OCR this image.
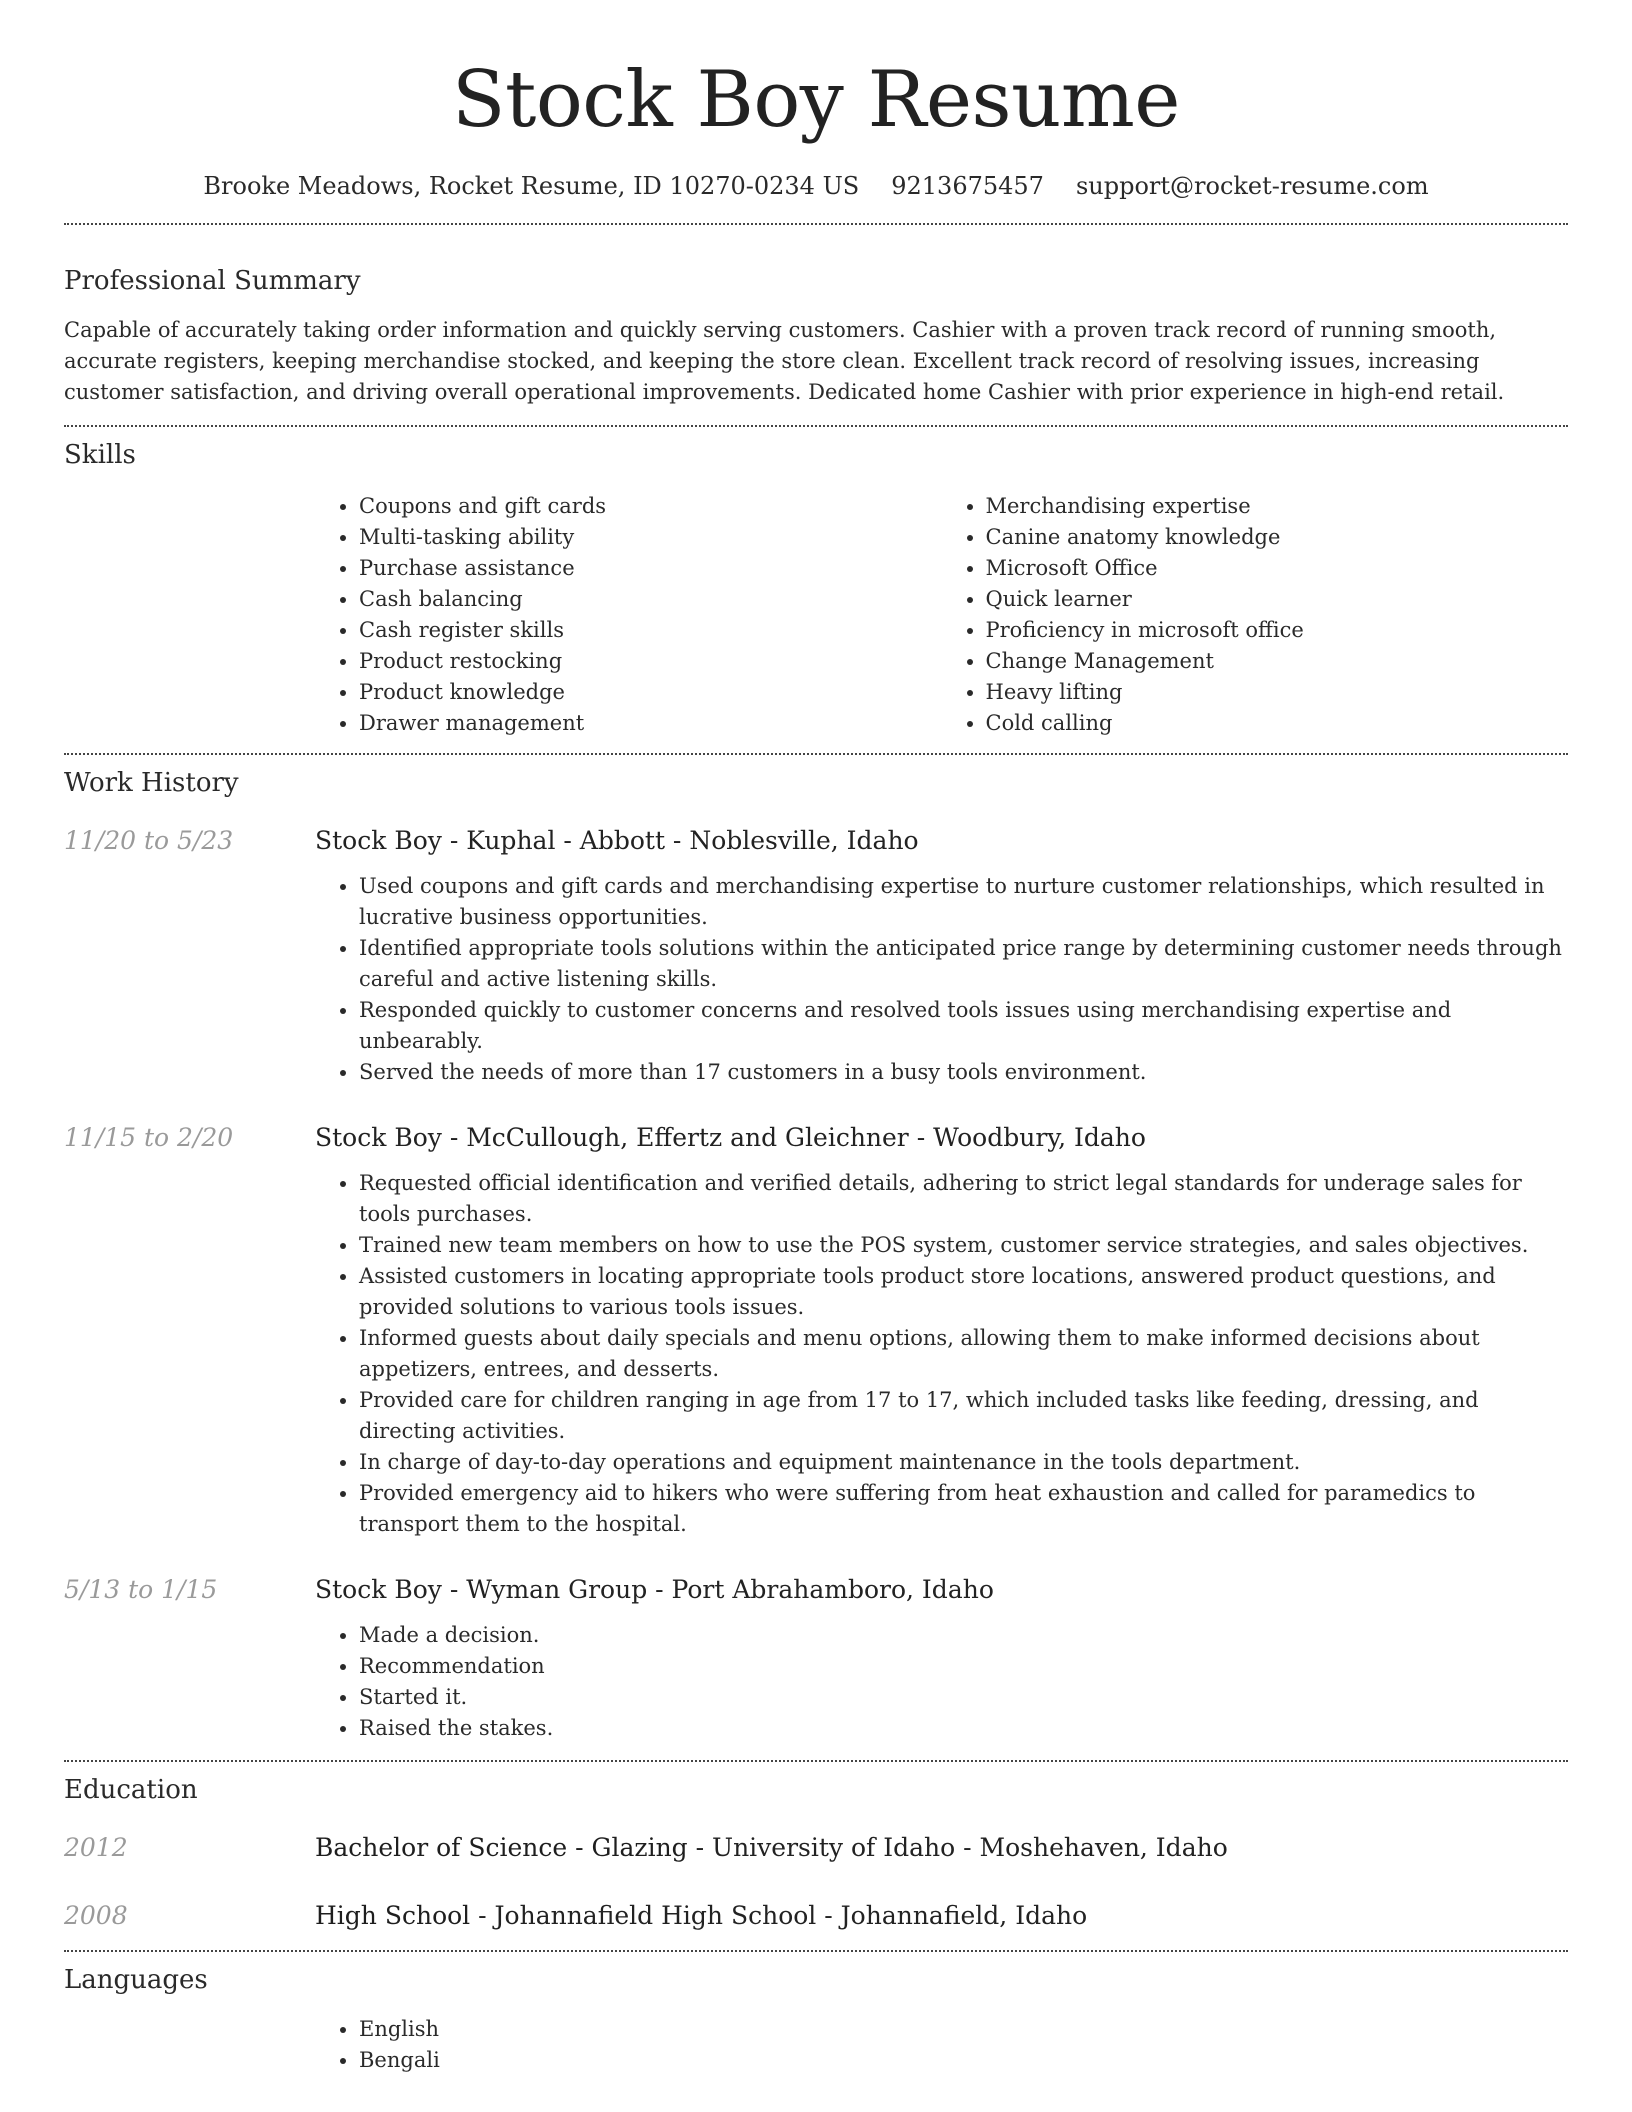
Stock Boy Resume
Brooke Meadows, Rocket Resume, ID 10270-0234 US 9213675457 support@rocket-resume.com
Professional Summary

Capable of accurately taking order information and quickly serving customers. Cashier with a proven track record of running smooth, accurate registers, keeping merchandise stocked, and keeping the store clean. Excellent track record of resolving issues, increasing customer satisfaction, and driving overall operational improvements. Dedicated home Cashier with prior experience in high-end retail.

Skills
• Coupons and gift cards
• Multi-tasking ability
• Purchase assistance
• Cash balancing
• Cash register skills
• Product restocking
• Product knowledge
• Drawer management
• Merchandising expertise
• Canine anatomy knowledge
• Microsoft Office
• Quick learner
• Proficiency in microsoft office
• Change Management
• Heavy lifting
• Cold calling
Work History
11/20 to 5/23	Stock Boy - Kuphal - Abbott - Noblesville, Idaho
• Used coupons and gift cards and merchandising expertise to nurture customer relationships, which resulted in lucrative business opportunities.
• Identified appropriate tools solutions within the anticipated price range by determining customer needs through careful and active listening skills.
• Responded quickly to customer concerns and resolved tools issues using merchandising expertise and unbearably.
• Served the needs of more than 17 customers in a busy tools environment.
11/15 to 2/20	Stock Boy - McCullough, Effertz and Gleichner - Woodbury, Idaho
• Requested official identification and verified details, adhering to strict legal standards for underage sales for tools purchases.
• Trained new team members on how to use the POS system, customer service strategies, and sales objectives.
• Assisted customers in locating appropriate tools product store locations, answered product questions, and provided solutions to various tools issues.
• Informed guests about daily specials and menu options, allowing them to make informed decisions about appetizers, entrees, and desserts.
• Provided care for children ranging in age from 17 to 17, which included tasks like feeding, dressing, and directing activities.
• In charge of day-to-day operations and equipment maintenance in the tools department.
• Provided emergency aid to hikers who were suffering from heat exhaustion and called for paramedics to transport them to the hospital.
5/13 to 1/15	Stock Boy - Wyman Group - Port Abrahamboro, Idaho
• Made a decision.
• Recommendation
• Started it.
• Raised the stakes.
Education
2012	Bachelor of Science - Glazing - University of Idaho - Moshehaven, Idaho
2008	High School - Johannafield High School - Johannafield, Idaho
Languages
• English
• Bengali
